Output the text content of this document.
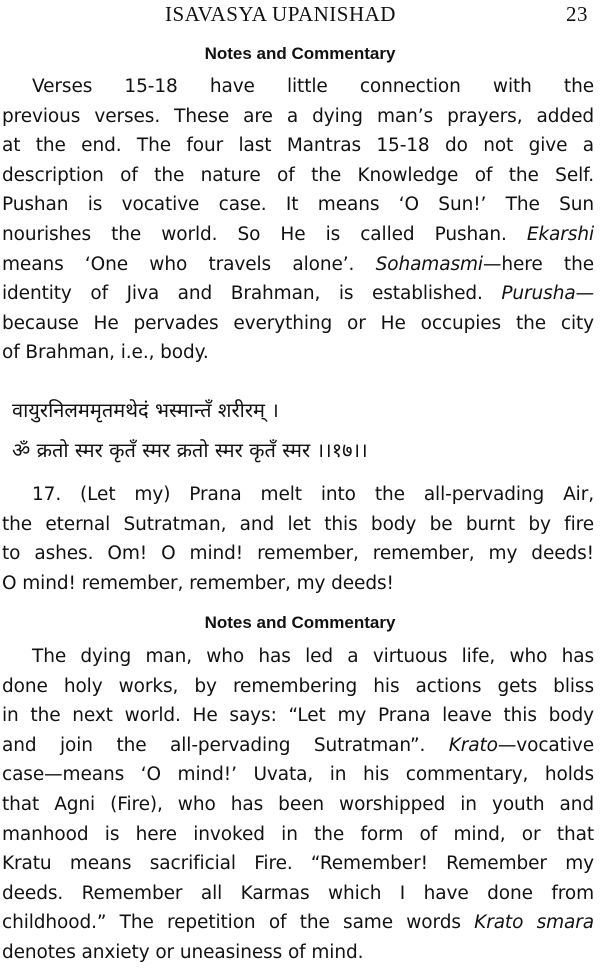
ISAVASYA UPANISHAD	23
Notes and Commentary

Verses 15-18 have little connection with the
previous verses. These are a dying man’s prayers, added
at the end. The four last Mantras 15-18 do not give a
description of the nature of the Knowledge of the Self.
Pushan is vocative case. It means ‘O Sun!’ The Sun
nourishes the world. So He is called Pushan. Ekarshi
means ‘One who travels alone’. Sohamasmi—here the
identity of Jiva and Brahman, is established. Purusha—
because He pervades everything or He occupies the city
of Brahman, i.e., body.

वायुरनिलममृतमथेदं भस्मान्तँ शरीरम् ।
ॐ क्रतो स्मर कृतँ स्मर क्रतो स्मर कृतँ स्मर ।।१७।।

17. (Let my) Prana melt into the all-pervading Air,
the eternal Sutratman, and let this body be burnt by fire
to ashes. Om! O mind! remember, remember, my deeds!
O mind! remember, remember, my deeds!

Notes and Commentary

The dying man, who has led a virtuous life, who has
done holy works, by remembering his actions gets bliss
in the next world. He says: “Let my Prana leave this body
and join the all-pervading Sutratman”. Krato—vocative
case—means ‘O mind!’ Uvata, in his commentary, holds
that Agni (Fire), who has been worshipped in youth and
manhood is here invoked in the form of mind, or that
Kratu means sacrificial Fire. “Remember! Remember my
deeds. Remember all Karmas which I have done from
childhood.” The repetition of the same words Krato smara
denotes anxiety or uneasiness of mind.
